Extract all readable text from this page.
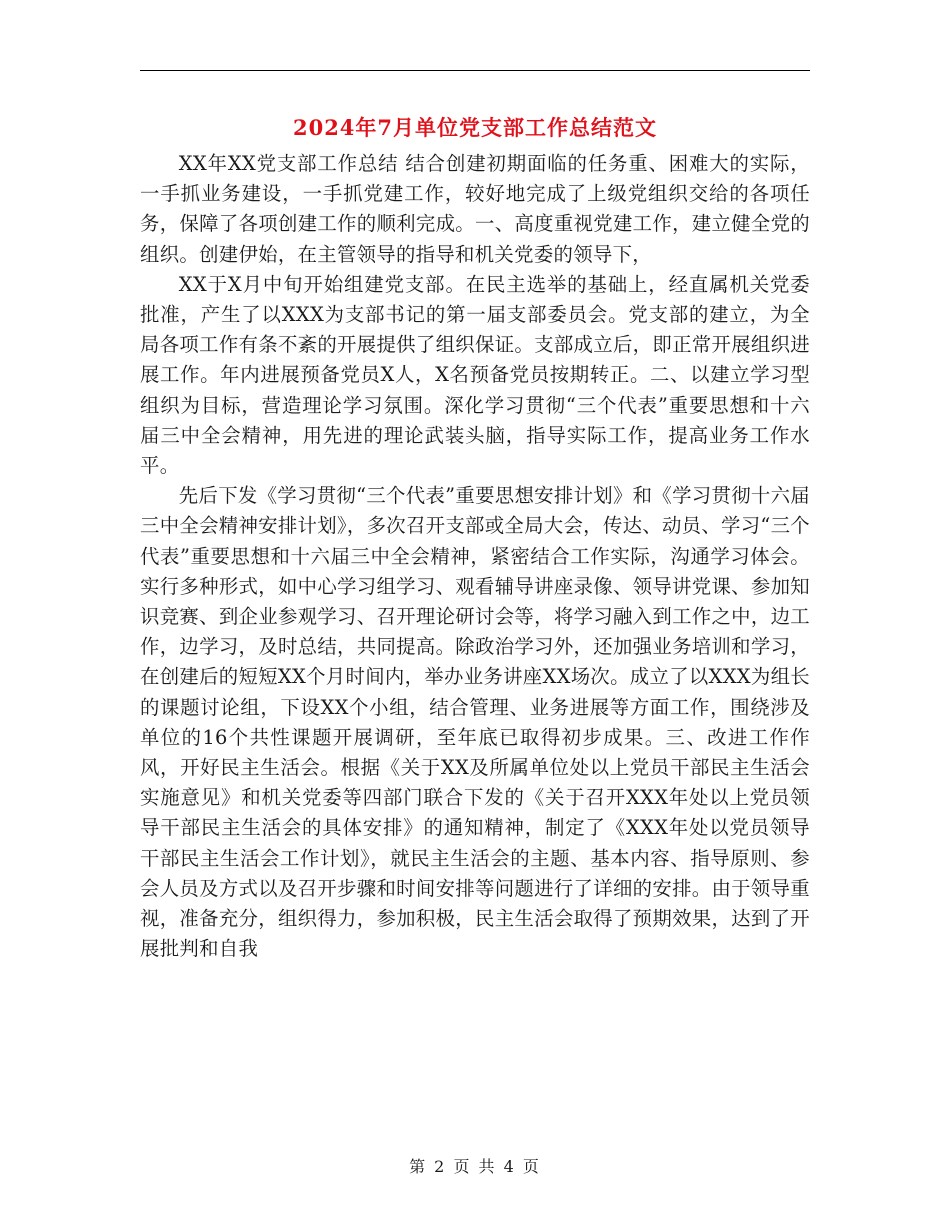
2024年7月单位党支部工作总结范文

XX年XX党支部工作总结 结合创建初期面临的任务重、困难大的实际，一手抓业务建设，一手抓党建工作，较好地完成了上级党组织交给的各项任务，保障了各项创建工作的顺利完成。一、高度重视党建工作，建立健全党的组织。创建伊始，在主管领导的指导和机关党委的领导下，

XX于X月中旬开始组建党支部。在民主选举的基础上，经直属机关党委批准，产生了以XXX为支部书记的第一届支部委员会。党支部的建立，为全局各项工作有条不紊的开展提供了组织保证。支部成立后，即正常开展组织进展工作。年内进展预备党员X人，X名预备党员按期转正。二、以建立学习型组织为目标，营造理论学习氛围。深化学习贯彻“三个代表”重要思想和十六届三中全会精神，用先进的理论武装头脑，指导实际工作，提高业务工作水平。

先后下发《学习贯彻“三个代表”重要思想安排计划》和《学习贯彻十六届三中全会精神安排计划》，多次召开支部或全局大会，传达、动员、学习“三个代表”重要思想和十六届三中全会精神，紧密结合工作实际，沟通学习体会。实行多种形式，如中心学习组学习、观看辅导讲座录像、领导讲党课、参加知识竞赛、到企业参观学习、召开理论研讨会等，将学习融入到工作之中，边工作，边学习，及时总结，共同提高。除政治学习外，还加强业务培训和学习，在创建后的短短XX个月时间内，举办业务讲座XX场次。成立了以XXX为组长的课题讨论组，下设XX个小组，结合管理、业务进展等方面工作，围绕涉及单位的16个共性课题开展调研，至年底已取得初步成果。三、改进工作作风，开好民主生活会。根据《关于XX及所属单位处以上党员干部民主生活会实施意见》和机关党委等四部门联合下发的《关于召开XXX年处以上党员领导干部民主生活会的具体安排》的通知精神，制定了《XXX年处以党员领导干部民主生活会工作计划》，就民主生活会的主题、基本内容、指导原则、参会人员及方式以及召开步骤和时间安排等问题进行了详细的安排。由于领导重视，准备充分，组织得力，参加积极，民主生活会取得了预期效果，达到了开展批判和自我

第 2 页 共 4 页
